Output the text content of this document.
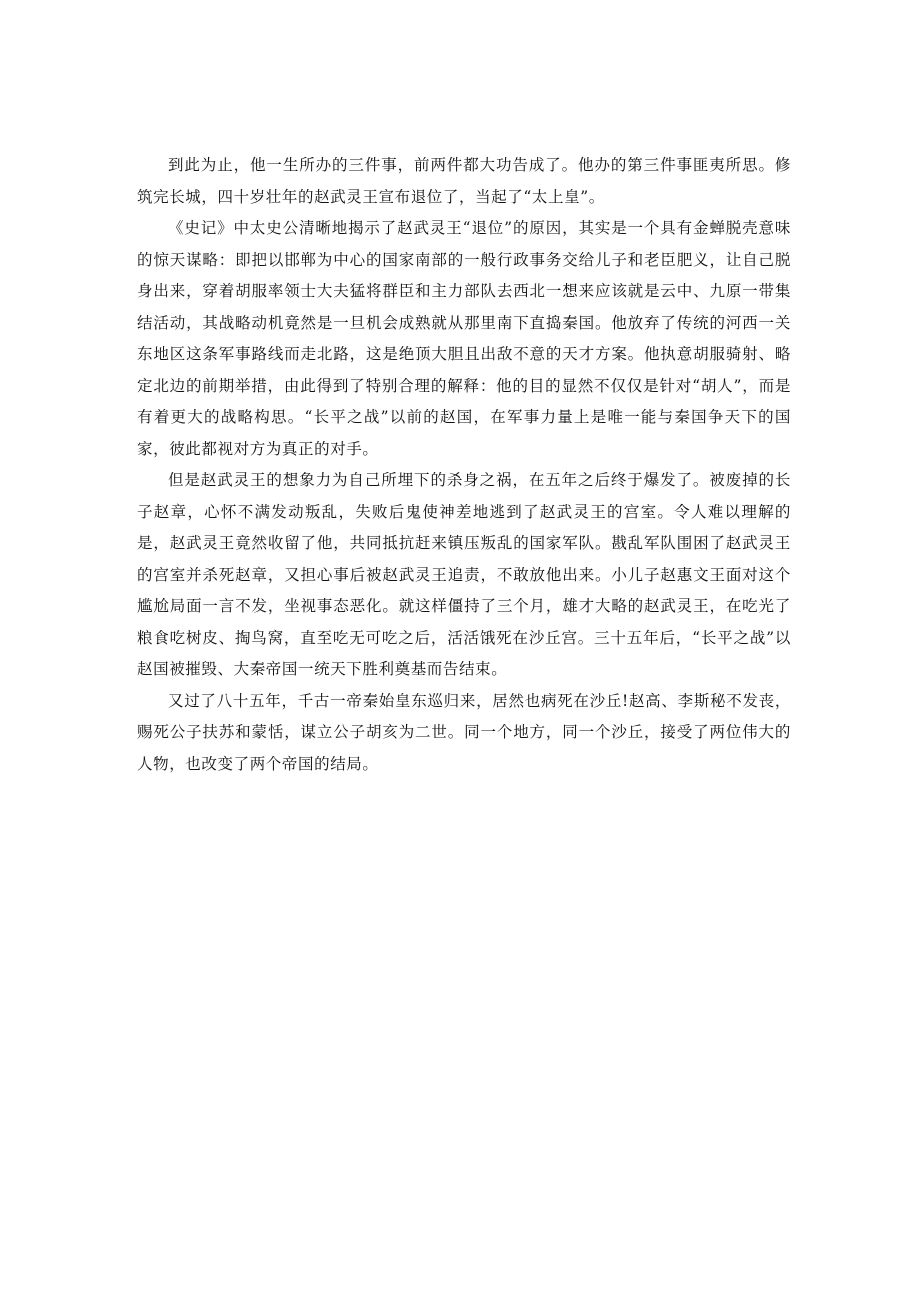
到此为止，他一生所办的三件事，前两件都大功告成了。他办的第三件事匪夷所思。修筑完长城，四十岁壮年的赵武灵王宣布退位了，当起了“太上皇”。

《史记》中太史公清晰地揭示了赵武灵王“退位”的原因，其实是一个具有金蝉脱壳意味的惊天谋略：即把以邯郸为中心的国家南部的一般行政事务交给儿子和老臣肥义，让自己脱身出来，穿着胡服率领士大夫猛将群臣和主力部队去西北一想来应该就是云中、九原一带集结活动，其战略动机竟然是一旦机会成熟就从那里南下直捣秦国。他放弃了传统的河西一关东地区这条军事路线而走北路，这是绝顶大胆且出敌不意的天才方案。他执意胡服骑射、略定北边的前期举措，由此得到了特别合理的解释：他的目的显然不仅仅是针对“胡人”，而是有着更大的战略构思。“长平之战”以前的赵国，在军事力量上是唯一能与秦国争天下的国家，彼此都视对方为真正的对手。

但是赵武灵王的想象力为自己所埋下的杀身之祸，在五年之后终于爆发了。被废掉的长子赵章，心怀不满发动叛乱，失败后鬼使神差地逃到了赵武灵王的宫室。令人难以理解的是，赵武灵王竟然收留了他，共同抵抗赶来镇压叛乱的国家军队。戡乱军队围困了赵武灵王的宫室并杀死赵章，又担心事后被赵武灵王追责，不敢放他出来。小儿子赵惠文王面对这个尴尬局面一言不发，坐视事态恶化。就这样僵持了三个月，雄才大略的赵武灵王，在吃光了粮食吃树皮、掏鸟窝，直至吃无可吃之后，活活饿死在沙丘宫。三十五年后，“长平之战”以赵国被摧毁、大秦帝国一统天下胜利奠基而告结束。

又过了八十五年，千古一帝秦始皇东巡归来，居然也病死在沙丘!赵高、李斯秘不发丧，赐死公子扶苏和蒙恬，谋立公子胡亥为二世。同一个地方，同一个沙丘，接受了两位伟大的人物，也改变了两个帝国的结局。
